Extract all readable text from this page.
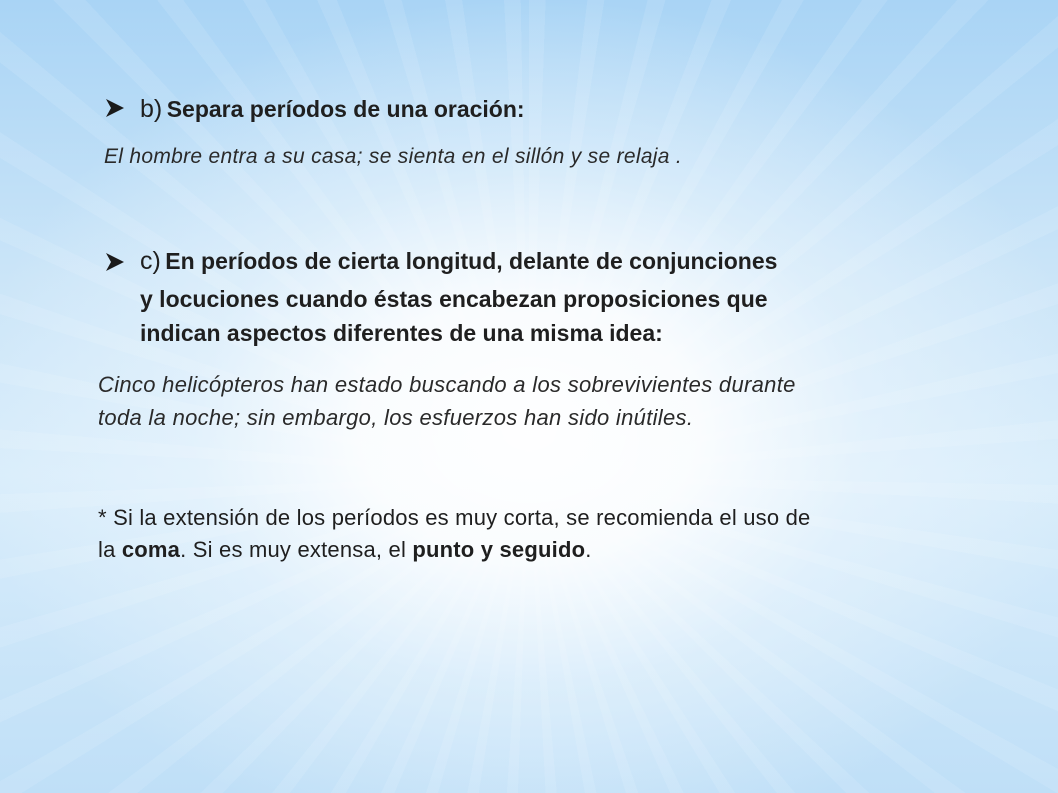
b) Separa períodos de una oración:
El hombre entra a su casa; se sienta en el sillón y se relaja .
c) En períodos de cierta longitud, delante de conjunciones
y locuciones cuando éstas encabezan proposiciones que
indican aspectos diferentes de una misma idea:
Cinco helicópteros han estado buscando a los sobrevivientes durante
toda la noche; sin embargo, los esfuerzos han sido inútiles.
* Si la extensión de los períodos es muy corta, se recomienda el uso de
la coma. Si es muy extensa, el punto y seguido.
